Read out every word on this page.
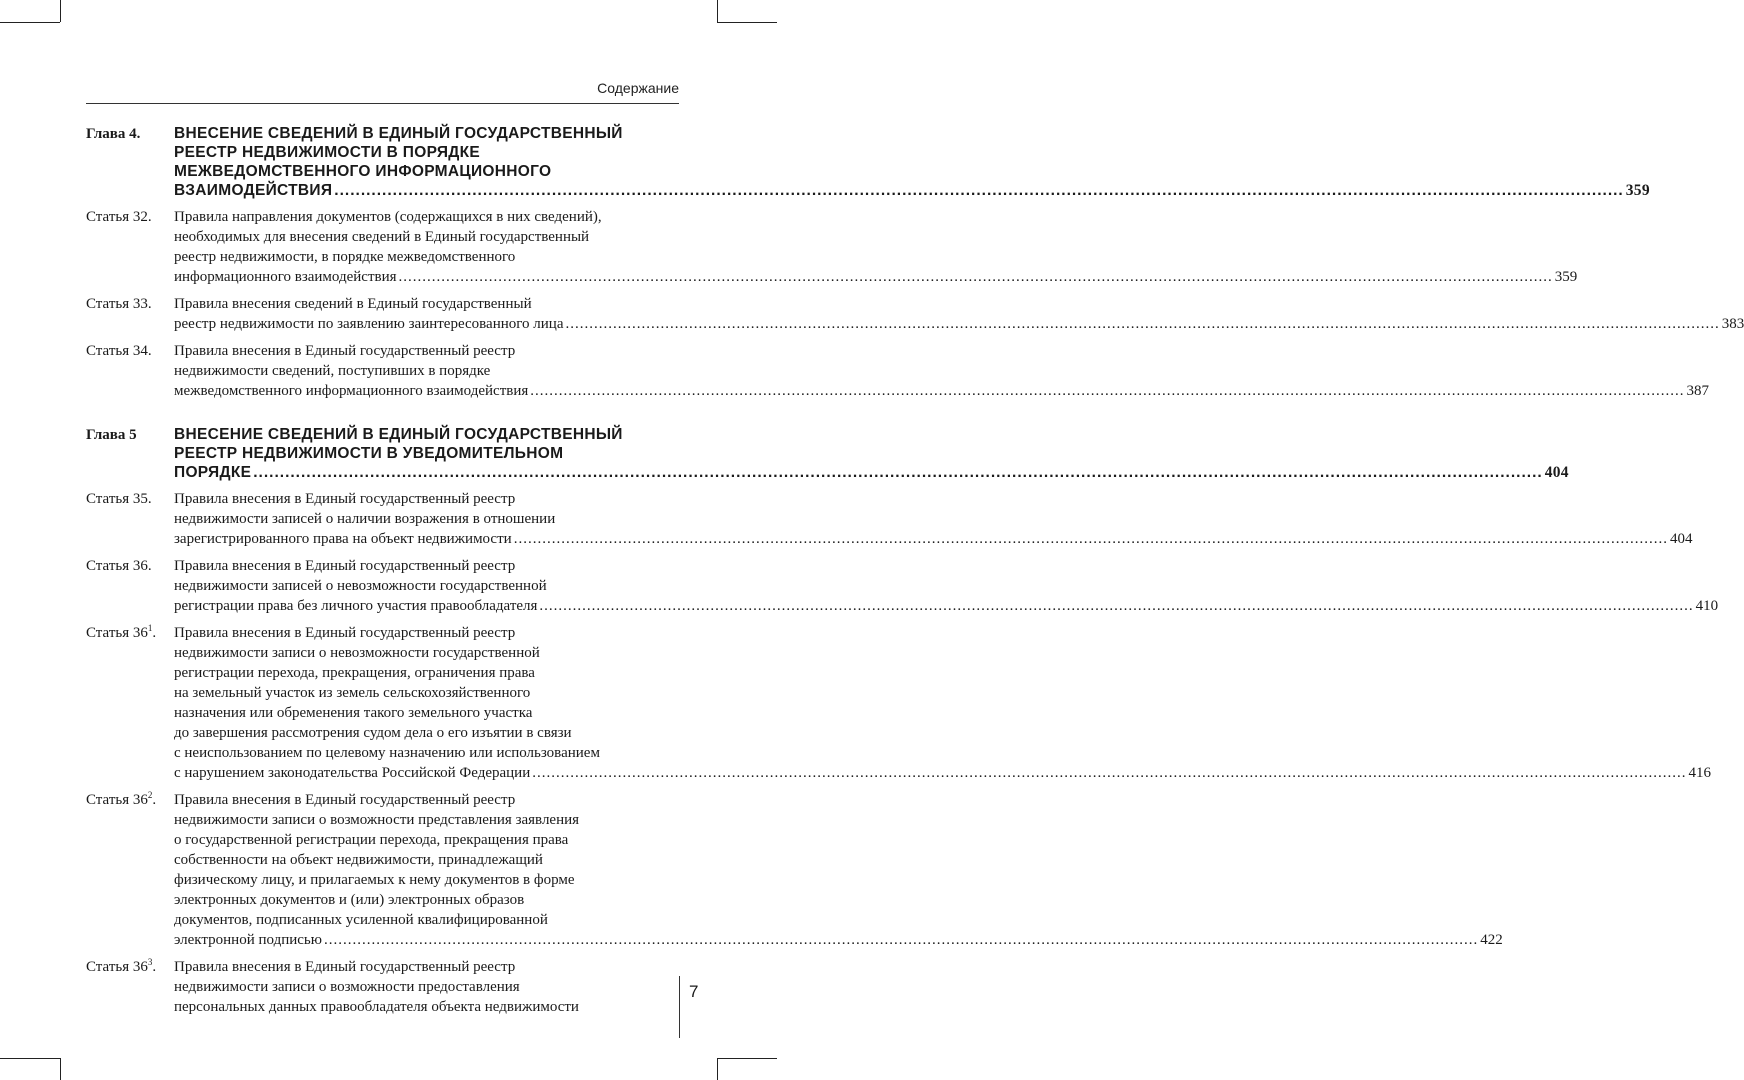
Содержание
Глава 4.	ВНЕСЕНИЕ СВЕДЕНИЙ В ЕДИНЫЙ ГОСУДАРСТВЕННЫЙ
РЕЕСТР НЕДВИЖИМОСТИ В ПОРЯДКЕ
МЕЖВЕДОМСТВЕННОГО ИНФОРМАЦИОННОГО
ВЗАИМОДЕЙСТВИЯ .....	359
Статья 32.	Правила направления документов (содержащихся в них сведений),
необходимых для внесения сведений в Единый государственный
реестр недвижимости, в порядке межведомственного
информационного взаимодействия .....	359
Статья 33.	Правила внесения сведений в Единый государственный
реестр недвижимости по заявлению заинтересованного лица .....	383
Статья 34.	Правила внесения в Единый государственный реестр
недвижимости сведений, поступивших в порядке
межведомственного информационного взаимодействия .....	387
Глава 5	ВНЕСЕНИЕ СВЕДЕНИЙ В ЕДИНЫЙ ГОСУДАРСТВЕННЫЙ
РЕЕСТР НЕДВИЖИМОСТИ В УВЕДОМИТЕЛЬНОМ
ПОРЯДКЕ .....	404
Статья 35.	Правила внесения в Единый государственный реестр
недвижимости записей о наличии возражения в отношении
зарегистрированного права на объект недвижимости .....	404
Статья 36.	Правила внесения в Единый государственный реестр
недвижимости записей о невозможности государственной
регистрации права без личного участия правообладателя .....	410
Статья $36^1$.	Правила внесения в Единый государственный реестр
недвижимости записи о невозможности государственной
регистрации перехода, прекращения, ограничения права
на земельный участок из земель сельскохозяйственного
назначения или обременения такого земельного участка
до завершения рассмотрения судом дела о его изъятии в связи
с неиспользованием по целевому назначению или использованием
с нарушением законодательства Российской Федерации .....	416
Статья $36^2$.	Правила внесения в Единый государственный реестр
недвижимости записи о возможности представления заявления
о государственной регистрации перехода, прекращения права
собственности на объект недвижимости, принадлежащий
физическому лицу, и прилагаемых к нему документов в форме
электронных документов и (или) электронных образов
документов, подписанных усиленной квалифицированной
электронной подписью .....	422
Статья $36^3$.	Правила внесения в Единый государственный реестр
недвижимости записи о возможности предоставления
персональных данных правообладателя объекта недвижимости
7
